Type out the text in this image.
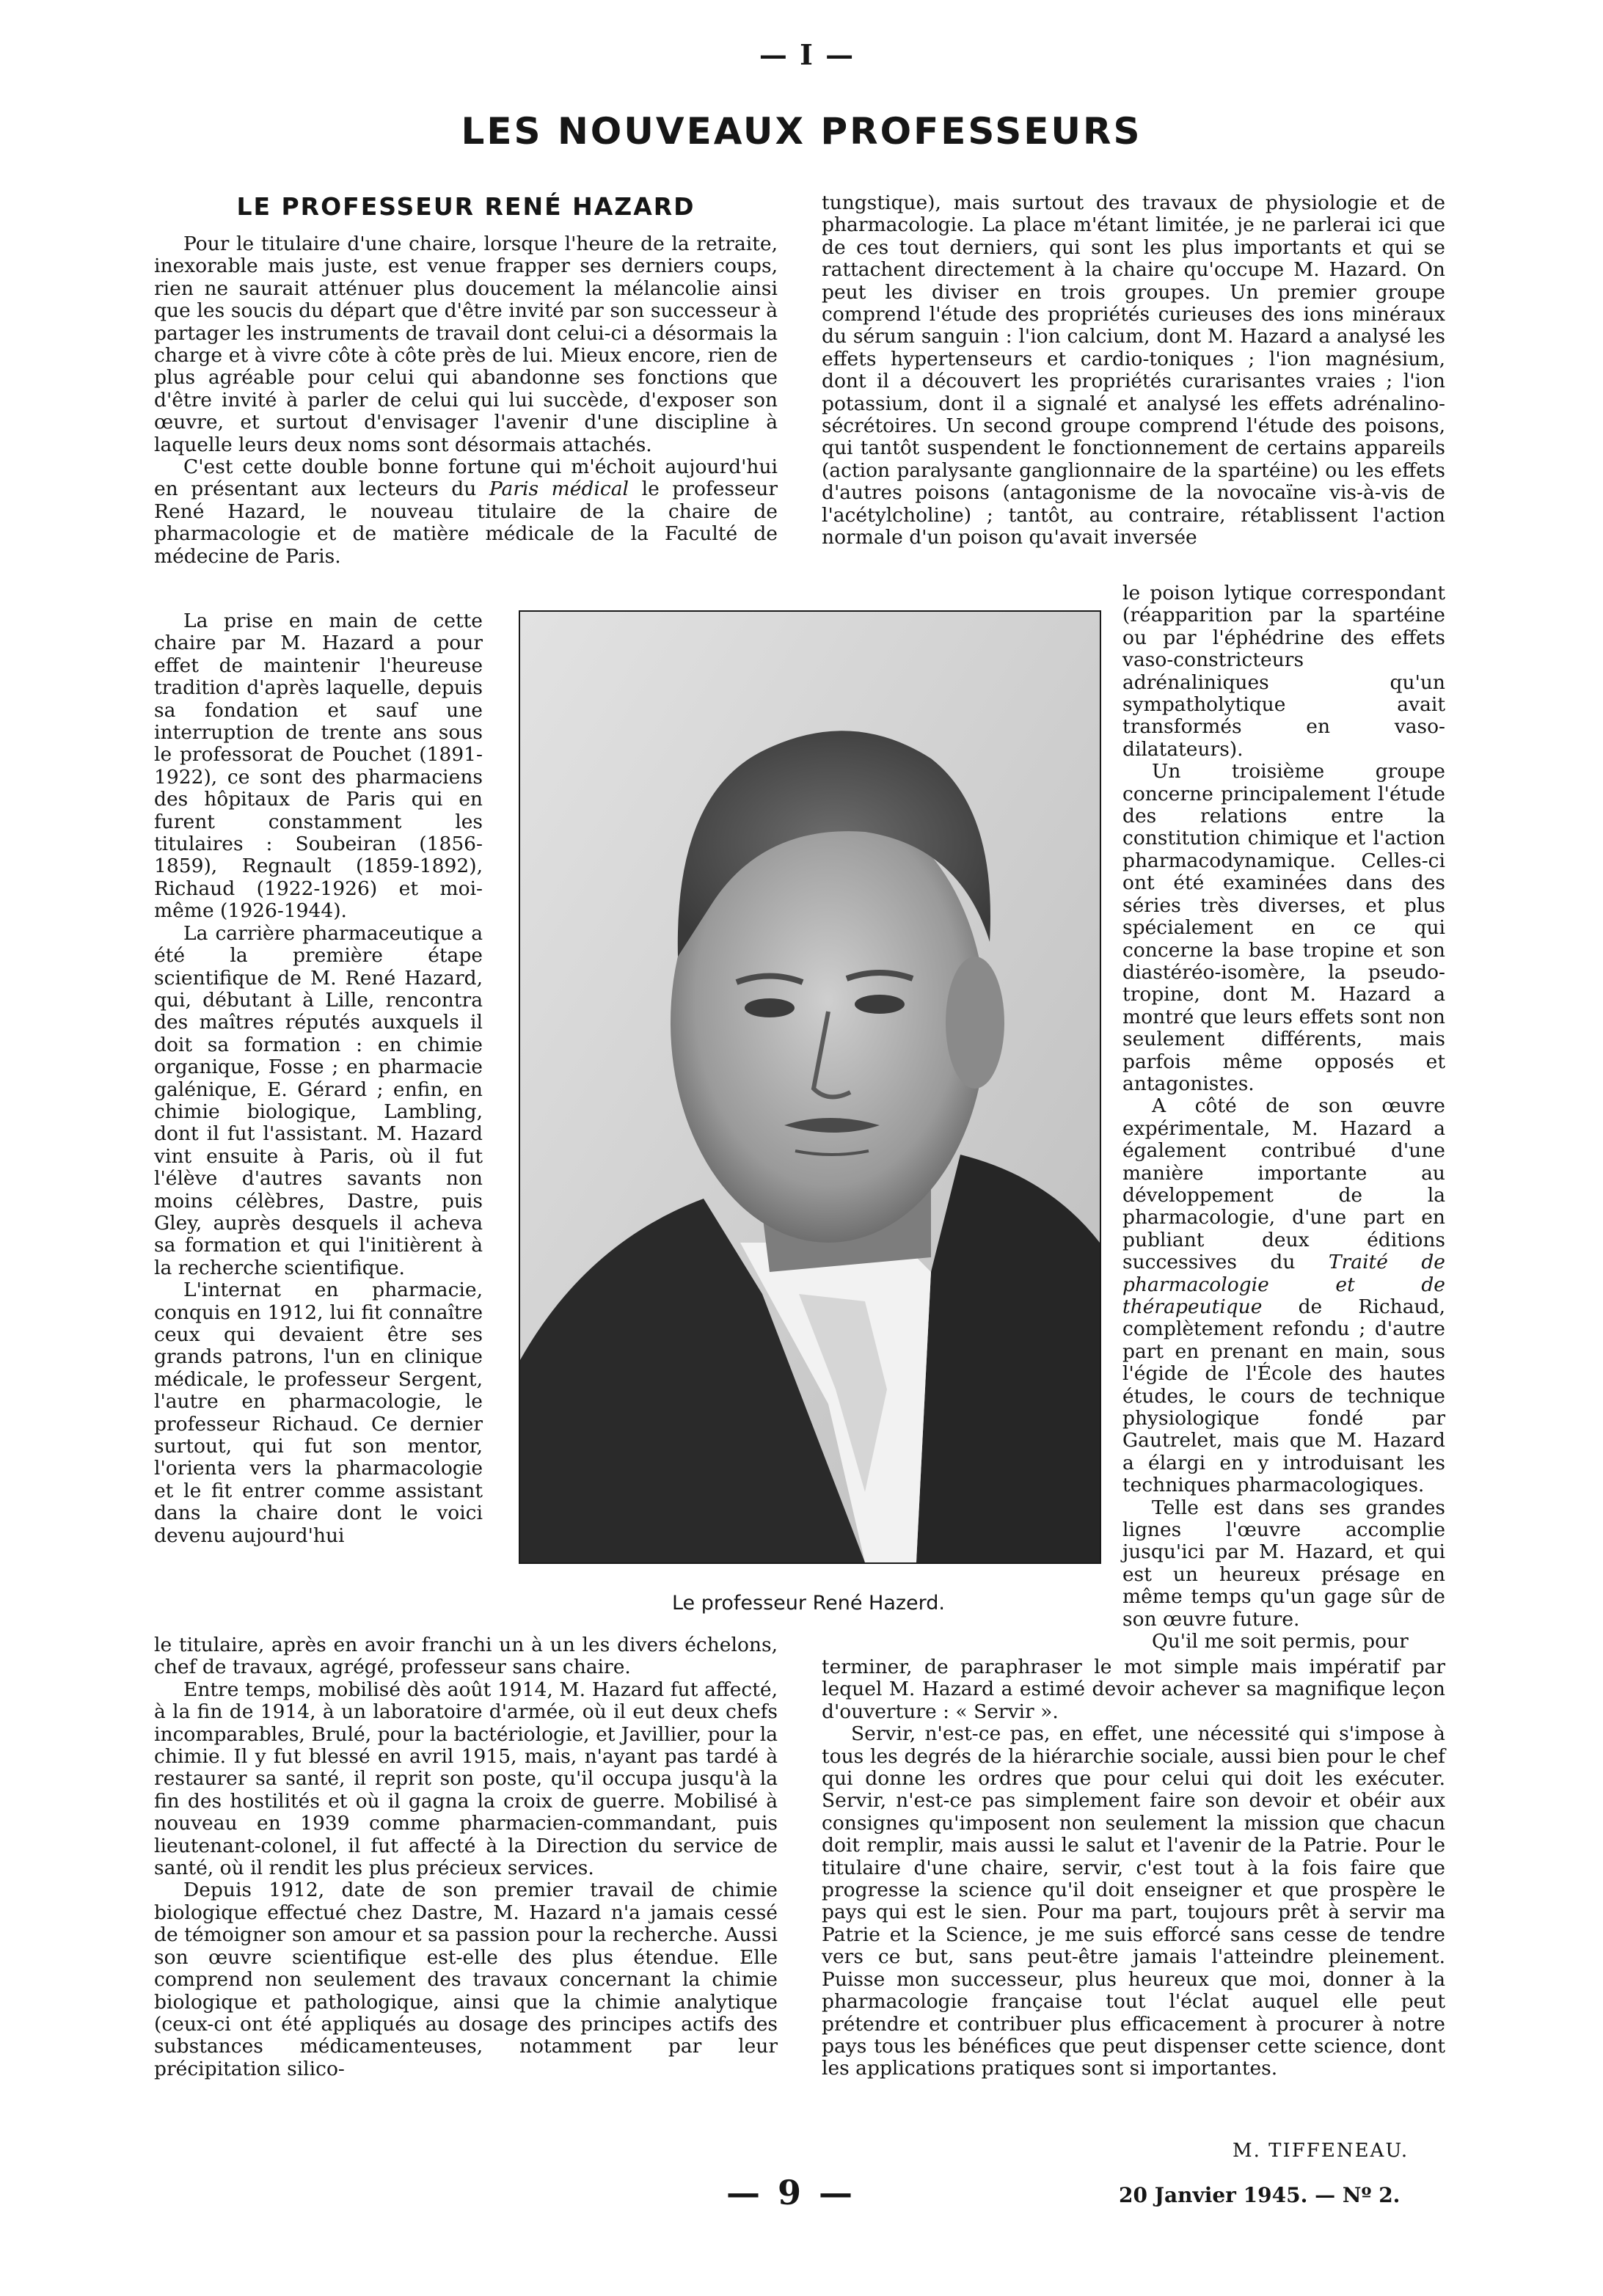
— I —
LES NOUVEAUX PROFESSEURS
LE PROFESSEUR RENÉ HAZARD

Pour le titulaire d'une chaire, lorsque l'heure de la retraite, inexorable mais juste, est venue frapper ses derniers coups, rien ne saurait atténuer plus doucement la mélancolie ainsi que les soucis du départ que d'être invité par son successeur à partager les instruments de travail dont celui-ci a désormais la charge et à vivre côte à côte près de lui. Mieux encore, rien de plus agréable pour celui qui abandonne ses fonctions que d'être invité à parler de celui qui lui succède, d'exposer son œuvre, et surtout d'envisager l'avenir d'une discipline à laquelle leurs deux noms sont désormais attachés.

C'est cette double bonne fortune qui m'échoit aujourd'hui en présentant aux lecteurs du Paris médical le professeur René Hazard, le nouveau titulaire de la chaire de pharmacologie et de matière médicale de la Faculté de médecine de Paris.

La prise en main de cette chaire par M. Hazard a pour effet de maintenir l'heureuse tradition d'après laquelle, depuis sa fondation et sauf une interruption de trente ans sous le professorat de Pouchet (1891-1922), ce sont des pharmaciens des hôpitaux de Paris qui en furent constamment les titulaires : Soubeiran (1856-1859), Regnault (1859-1892), Richaud (1922-1926) et moi-même (1926-1944).

La carrière pharmaceutique a été la première étape scientifique de M. René Hazard, qui, débutant à Lille, rencontra des maîtres réputés auxquels il doit sa formation : en chimie organique, Fosse ; en pharmacie galénique, E. Gérard ; enfin, en chimie biologique, Lambling, dont il fut l'assistant. M. Hazard vint ensuite à Paris, où il fut l'élève d'autres savants non moins célèbres, Dastre, puis Gley, auprès desquels il acheva sa formation et qui l'initièrent à la recherche scientifique.

L'internat en pharmacie, conquis en 1912, lui fit connaître ceux qui devaient être ses grands patrons, l'un en clinique médicale, le professeur Sergent, l'autre en pharmacologie, le professeur Richaud. Ce dernier surtout, qui fut son mentor, l'orienta vers la pharmacologie et le fit entrer comme assistant dans la chaire dont le voici devenu aujourd'hui

le titulaire, après en avoir franchi un à un les divers échelons, chef de travaux, agrégé, professeur sans chaire.

Entre temps, mobilisé dès août 1914, M. Hazard fut affecté, à la fin de 1914, à un laboratoire d'armée, où il eut deux chefs incomparables, Brulé, pour la bactériologie, et Javillier, pour la chimie. Il y fut blessé en avril 1915, mais, n'ayant pas tardé à restaurer sa santé, il reprit son poste, qu'il occupa jusqu'à la fin des hostilités et où il gagna la croix de guerre. Mobilisé à nouveau en 1939 comme pharmacien-commandant, puis lieutenant-colonel, il fut affecté à la Direction du service de santé, où il rendit les plus précieux services.

Depuis 1912, date de son premier travail de chimie biologique effectué chez Dastre, M. Hazard n'a jamais cessé de témoigner son amour et sa passion pour la recherche. Aussi son œuvre scientifique est-elle des plus étendue. Elle comprend non seulement des travaux concernant la chimie biologique et pathologique, ainsi que la chimie analytique (ceux-ci ont été appliqués au dosage des principes actifs des substances médicamenteuses, notamment par leur précipitation silico-

tungstique), mais surtout des travaux de physiologie et de pharmacologie. La place m'étant limitée, je ne parlerai ici que de ces tout derniers, qui sont les plus importants et qui se rattachent directement à la chaire qu'occupe M. Hazard. On peut les diviser en trois groupes. Un premier groupe comprend l'étude des propriétés curieuses des ions minéraux du sérum sanguin : l'ion calcium, dont M. Hazard a analysé les effets hypertenseurs et cardio-toniques ; l'ion magnésium, dont il a découvert les propriétés curarisantes vraies ; l'ion potassium, dont il a signalé et analysé les effets adrénalino-sécrétoires. Un second groupe comprend l'étude des poisons, qui tantôt suspendent le fonctionnement de certains appareils (action paralysante ganglionnaire de la spartéine) ou les effets d'autres poisons (antagonisme de la novocaïne vis-à-vis de l'acétylcholine) ; tantôt, au contraire, rétablissent l'action normale d'un poison qu'avait inversée

le poison lytique correspondant (réapparition par la spartéine ou par l'éphédrine des effets vaso-constricteurs adrénaliniques qu'un sympatholytique avait transformés en vaso-dilatateurs).

Un troisième groupe concerne principalement l'étude des relations entre la constitution chimique et l'action pharmacodynamique. Celles-ci ont été examinées dans des séries très diverses, et plus spécialement en ce qui concerne la base tropine et son diastéréo-isomère, la pseudo-tropine, dont M. Hazard a montré que leurs effets sont non seulement différents, mais parfois même opposés et antagonistes.

A côté de son œuvre expérimentale, M. Hazard a également contribué d'une manière importante au développement de la pharmacologie, d'une part en publiant deux éditions successives du Traité de pharmacologie et de thérapeutique de Richaud, complètement refondu ; d'autre part en prenant en main, sous l'égide de l'École des hautes études, le cours de technique physiologique fondé par Gautrelet, mais que M. Hazard a élargi en y introduisant les techniques pharmacologiques.

Telle est dans ses grandes lignes l'œuvre accomplie jusqu'ici par M. Hazard, et qui est un heureux présage en même temps qu'un gage sûr de son œuvre future.

Qu'il me soit permis, pour

terminer, de paraphraser le mot simple mais impératif par lequel M. Hazard a estimé devoir achever sa magnifique leçon d'ouverture : « Servir ».

Servir, n'est-ce pas, en effet, une nécessité qui s'impose à tous les degrés de la hiérarchie sociale, aussi bien pour le chef qui donne les ordres que pour celui qui doit les exécuter. Servir, n'est-ce pas simplement faire son devoir et obéir aux consignes qu'imposent non seulement la mission que chacun doit remplir, mais aussi le salut et l'avenir de la Patrie. Pour le titulaire d'une chaire, servir, c'est tout à la fois faire que progresse la science qu'il doit enseigner et que prospère le pays qui est le sien. Pour ma part, toujours prêt à servir ma Patrie et la Science, je me suis efforcé sans cesse de tendre vers ce but, sans peut-être jamais l'atteindre pleinement. Puisse mon successeur, plus heureux que moi, donner à la pharmacologie française tout l'éclat auquel elle peut prétendre et contribuer plus efficacement à procurer à notre pays tous les bénéfices que peut dispenser cette science, dont les applications pratiques sont si importantes.

Le professeur René Hazerd.
M. TIFFENEAU.
— 9 —	20 Janvier 1945. — Nº 2.
